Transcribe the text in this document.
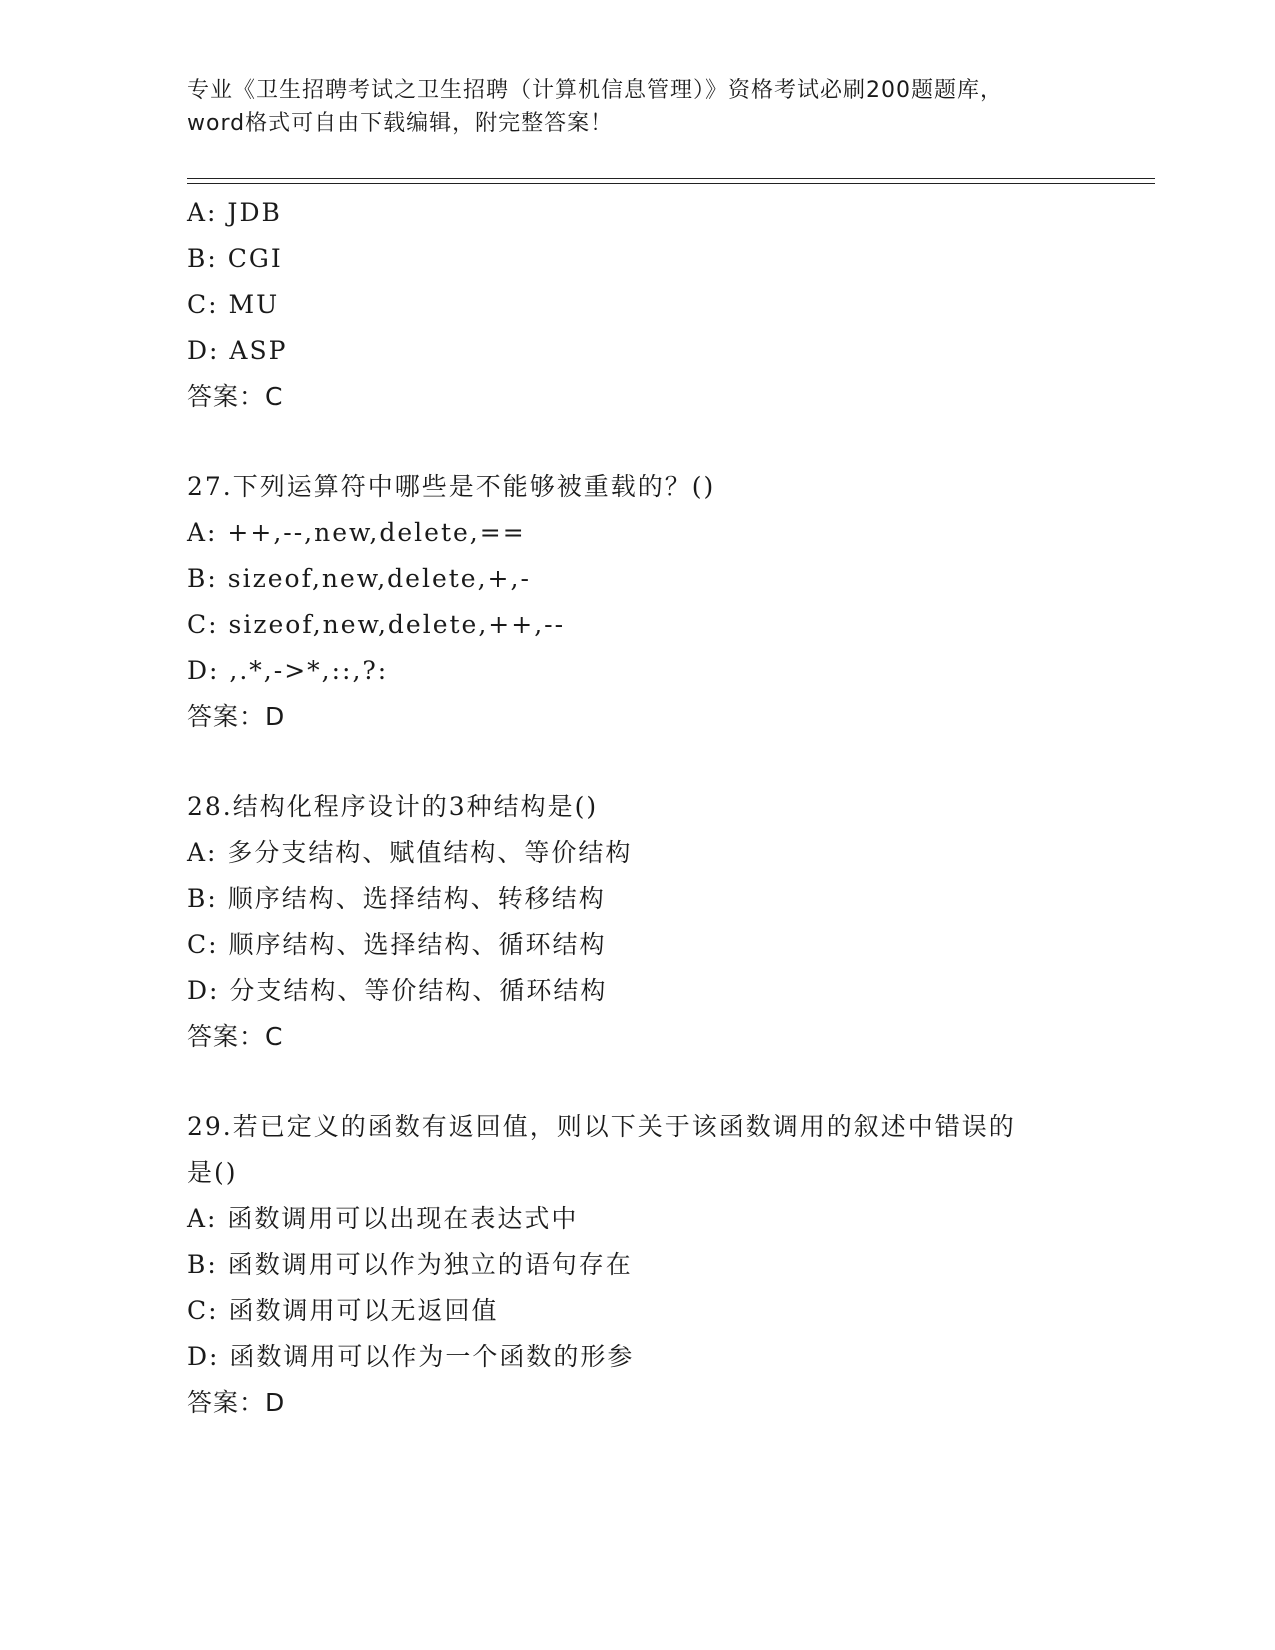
专业《卫生招聘考试之卫生招聘（计算机信息管理）》资格考试必刷200题题库，
word格式可自由下载编辑，附完整答案！
A: JDB
B: CGI
C: MU
D: ASP
答案：C
27.下列运算符中哪些是不能够被重载的？()
A: ++,--,new,delete,==
B: sizeof,new,delete,+,-
C: sizeof,new,delete,++,--
D: ,.*,->*,::,?:
答案：D
28.结构化程序设计的3种结构是()
A: 多分支结构、赋值结构、等价结构
B: 顺序结构、选择结构、转移结构
C: 顺序结构、选择结构、循环结构
D: 分支结构、等价结构、循环结构
答案：C
29.若已定义的函数有返回值，则以下关于该函数调用的叙述中错误的
是()
A: 函数调用可以出现在表达式中
B: 函数调用可以作为独立的语句存在
C: 函数调用可以无返回值
D: 函数调用可以作为一个函数的形参
答案：D
